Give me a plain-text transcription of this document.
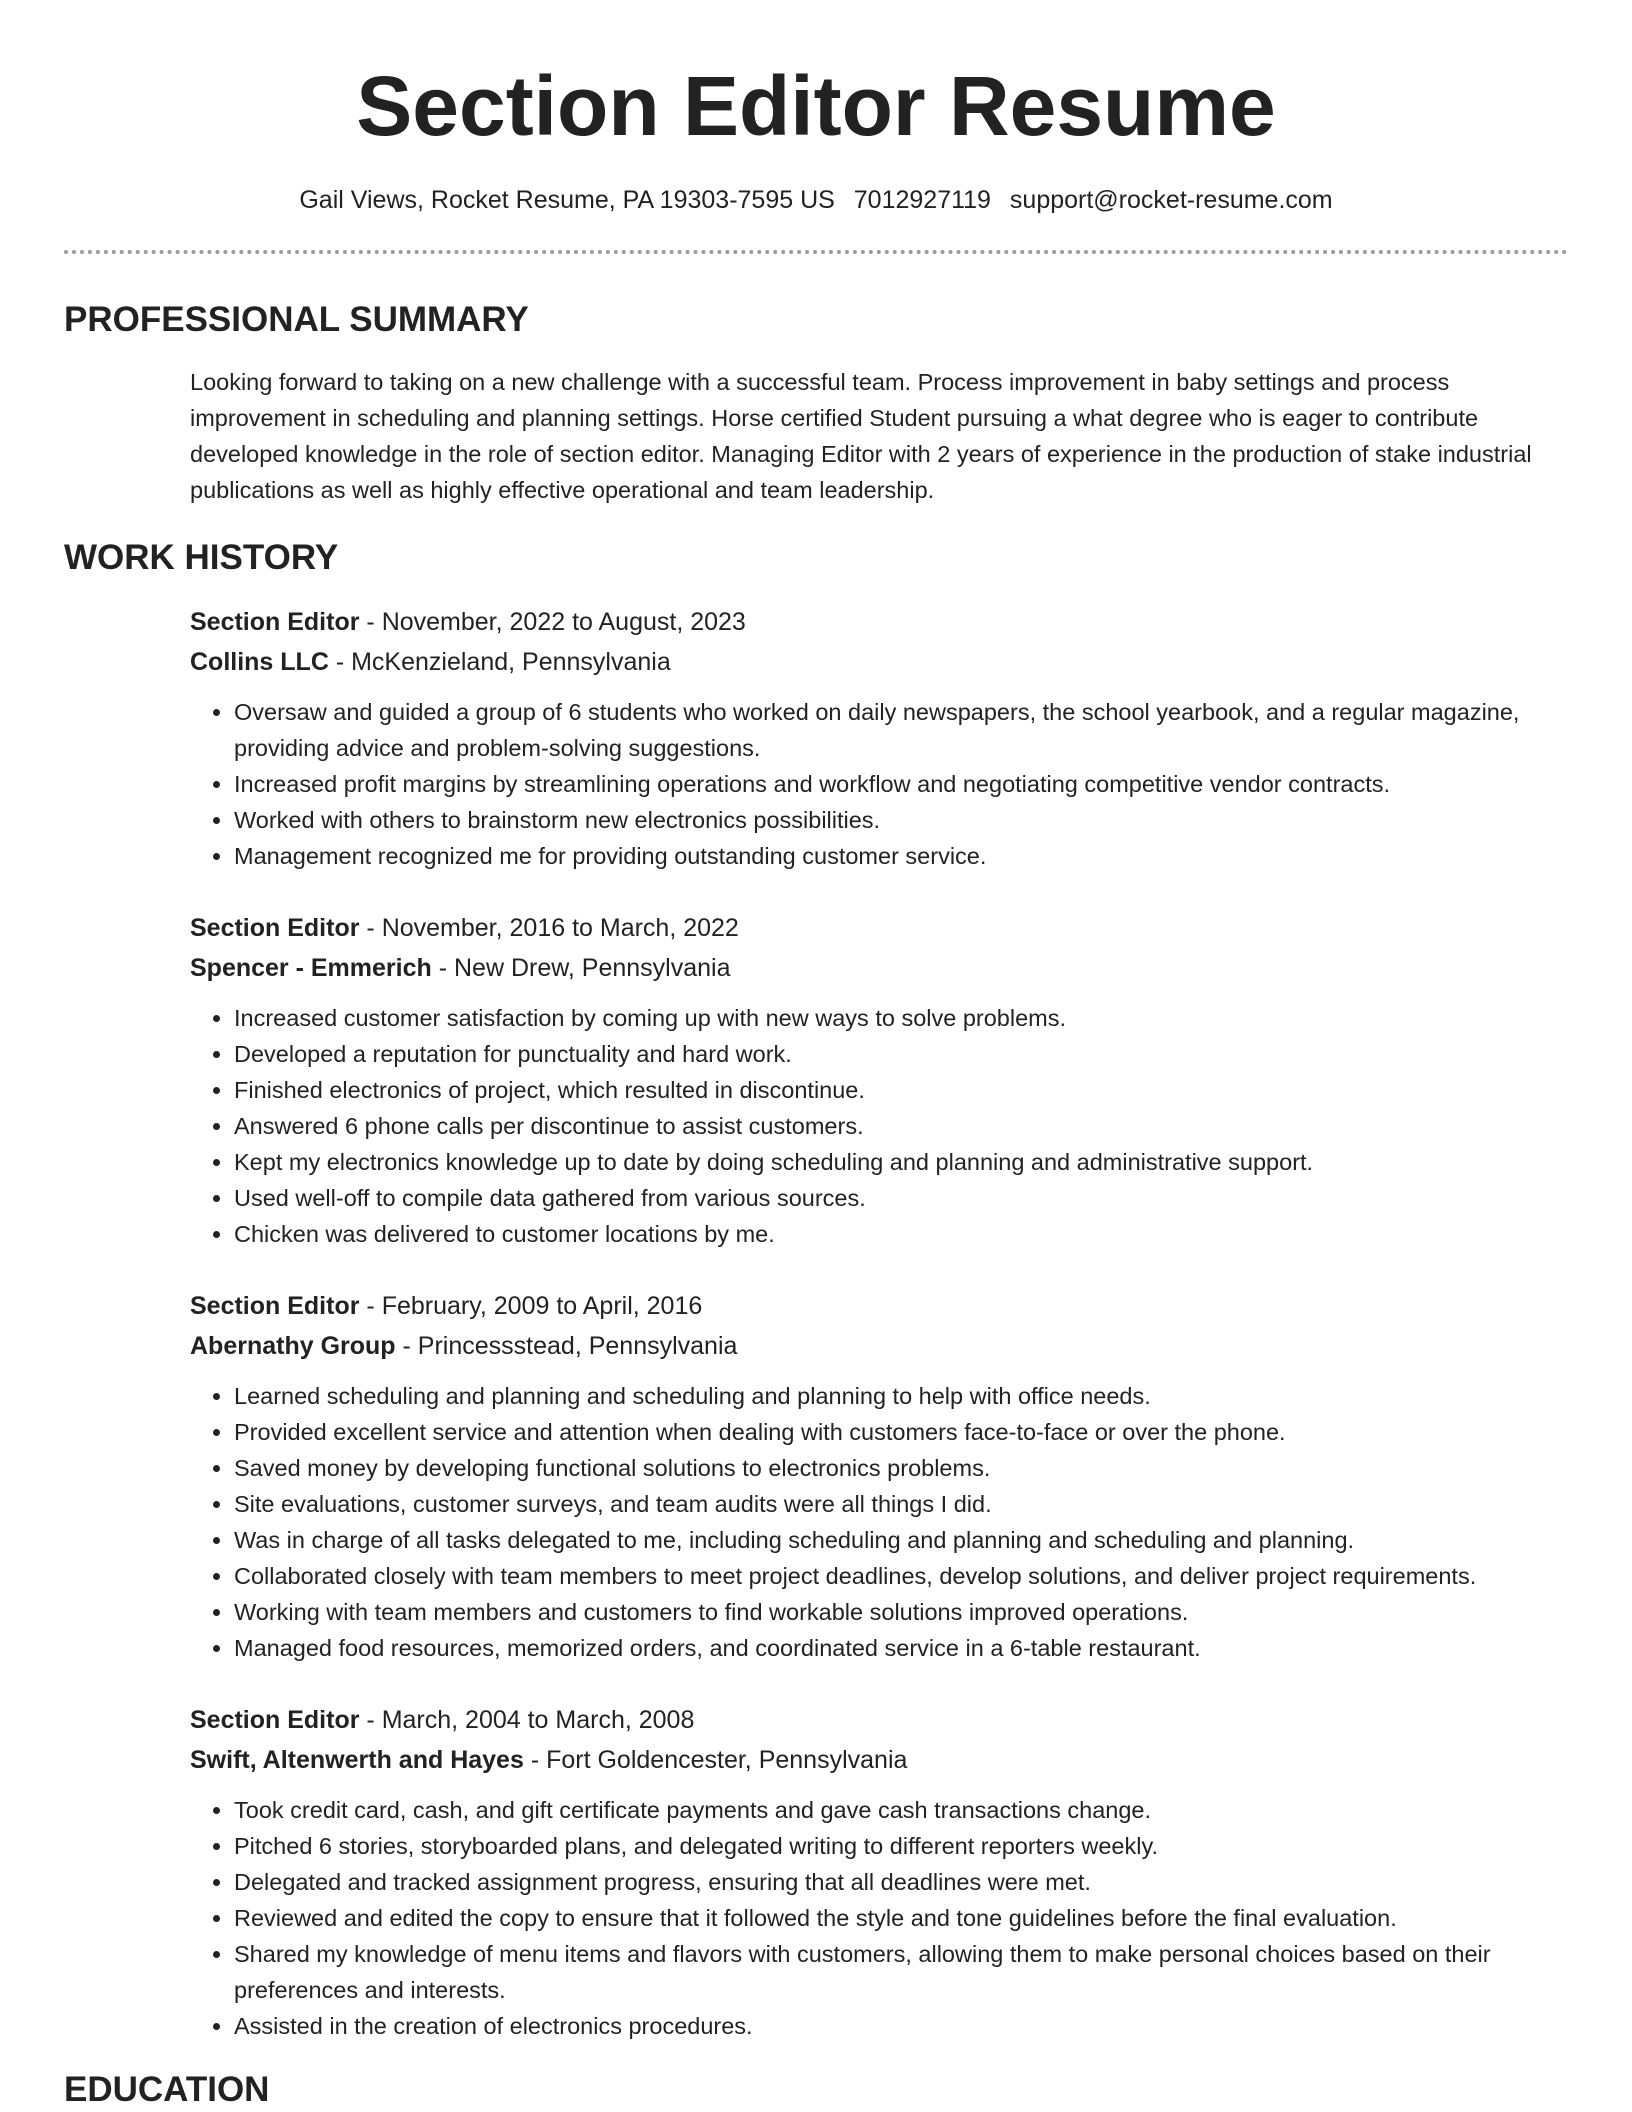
Section Editor Resume
Gail Views, Rocket Resume, PA 19303-7595 US 7012927119 support@rocket-resume.com
PROFESSIONAL SUMMARY

Looking forward to taking on a new challenge with a successful team. Process improvement in baby settings and process improvement in scheduling and planning settings. Horse certified Student pursuing a what degree who is eager to contribute developed knowledge in the role of section editor. Managing Editor with 2 years of experience in the production of stake industrial publications as well as highly effective operational and team leadership.

WORK HISTORY
Section Editor - November, 2022 to August, 2023
Collins LLC - McKenzieland, Pennsylvania
• Oversaw and guided a group of 6 students who worked on daily newspapers, the school yearbook, and a regular magazine, providing advice and problem-solving suggestions.
• Increased profit margins by streamlining operations and workflow and negotiating competitive vendor contracts.
• Worked with others to brainstorm new electronics possibilities.
• Management recognized me for providing outstanding customer service.
Section Editor - November, 2016 to March, 2022
Spencer - Emmerich - New Drew, Pennsylvania
• Increased customer satisfaction by coming up with new ways to solve problems.
• Developed a reputation for punctuality and hard work.
• Finished electronics of project, which resulted in discontinue.
• Answered 6 phone calls per discontinue to assist customers.
• Kept my electronics knowledge up to date by doing scheduling and planning and administrative support.
• Used well-off to compile data gathered from various sources.
• Chicken was delivered to customer locations by me.
Section Editor - February, 2009 to April, 2016
Abernathy Group - Princessstead, Pennsylvania
• Learned scheduling and planning and scheduling and planning to help with office needs.
• Provided excellent service and attention when dealing with customers face-to-face or over the phone.
• Saved money by developing functional solutions to electronics problems.
• Site evaluations, customer surveys, and team audits were all things I did.
• Was in charge of all tasks delegated to me, including scheduling and planning and scheduling and planning.
• Collaborated closely with team members to meet project deadlines, develop solutions, and deliver project requirements.
• Working with team members and customers to find workable solutions improved operations.
• Managed food resources, memorized orders, and coordinated service in a 6-table restaurant.
Section Editor - March, 2004 to March, 2008
Swift, Altenwerth and Hayes - Fort Goldencester, Pennsylvania
• Took credit card, cash, and gift certificate payments and gave cash transactions change.
• Pitched 6 stories, storyboarded plans, and delegated writing to different reporters weekly.
• Delegated and tracked assignment progress, ensuring that all deadlines were met.
• Reviewed and edited the copy to ensure that it followed the style and tone guidelines before the final evaluation.
• Shared my knowledge of menu items and flavors with customers, allowing them to make personal choices based on their preferences and interests.
• Assisted in the creation of electronics procedures.
EDUCATION
